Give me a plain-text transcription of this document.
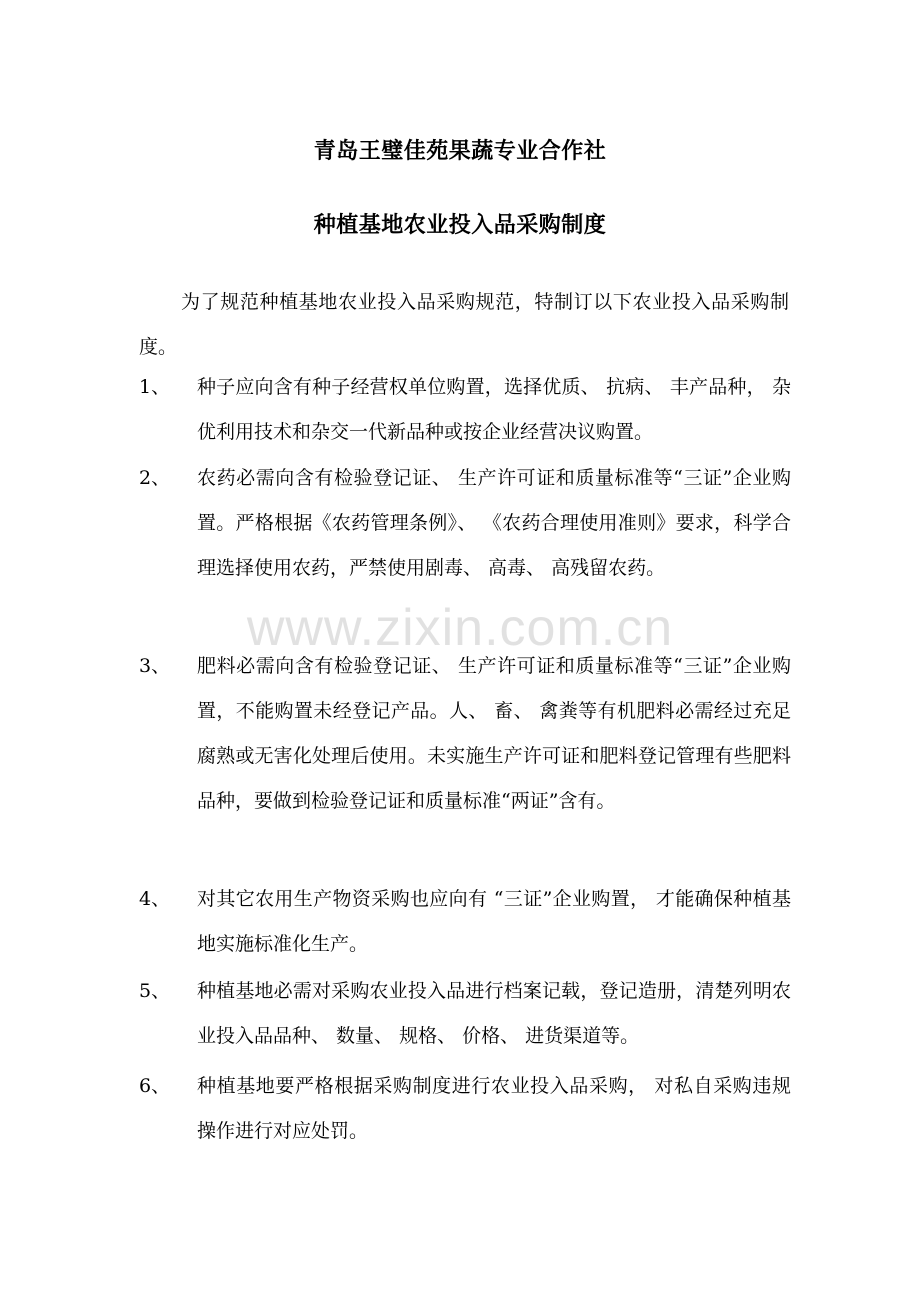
青岛王璧佳苑果蔬专业合作社
种植基地农业投入品采购制度

为了规范种植基地农业投入品采购规范，特制订以下农业投入品采购制度。

1、	种子应向含有种子经营权单位购置，选择优质、 抗病、 丰产品种， 杂优利用技术和杂交一代新品种或按企业经营决议购置。

2、	农药必需向含有检验登记证、 生产许可证和质量标准等“三证”企业购置。严格根据《农药管理条例》、 《农药合理使用准则》要求，科学合理选择使用农药，严禁使用剧毒、 高毒、 高残留农药。

3、	肥料必需向含有检验登记证、 生产许可证和质量标准等“三证”企业购置，不能购置未经登记产品。人、 畜、 禽粪等有机肥料必需经过充足腐熟或无害化处理后使用。未实施生产许可证和肥料登记管理有些肥料品种，要做到检验登记证和质量标准“两证”含有。

4、	对其它农用生产物资采购也应向有 “三证”企业购置， 才能确保种植基地实施标准化生产。

5、	种植基地必需对采购农业投入品进行档案记载，登记造册，清楚列明农业投入品品种、 数量、 规格、 价格、 进货渠道等。

6、	种植基地要严格根据采购制度进行农业投入品采购， 对私自采购违规操作进行对应处罚。

www.zixin.com.cn
